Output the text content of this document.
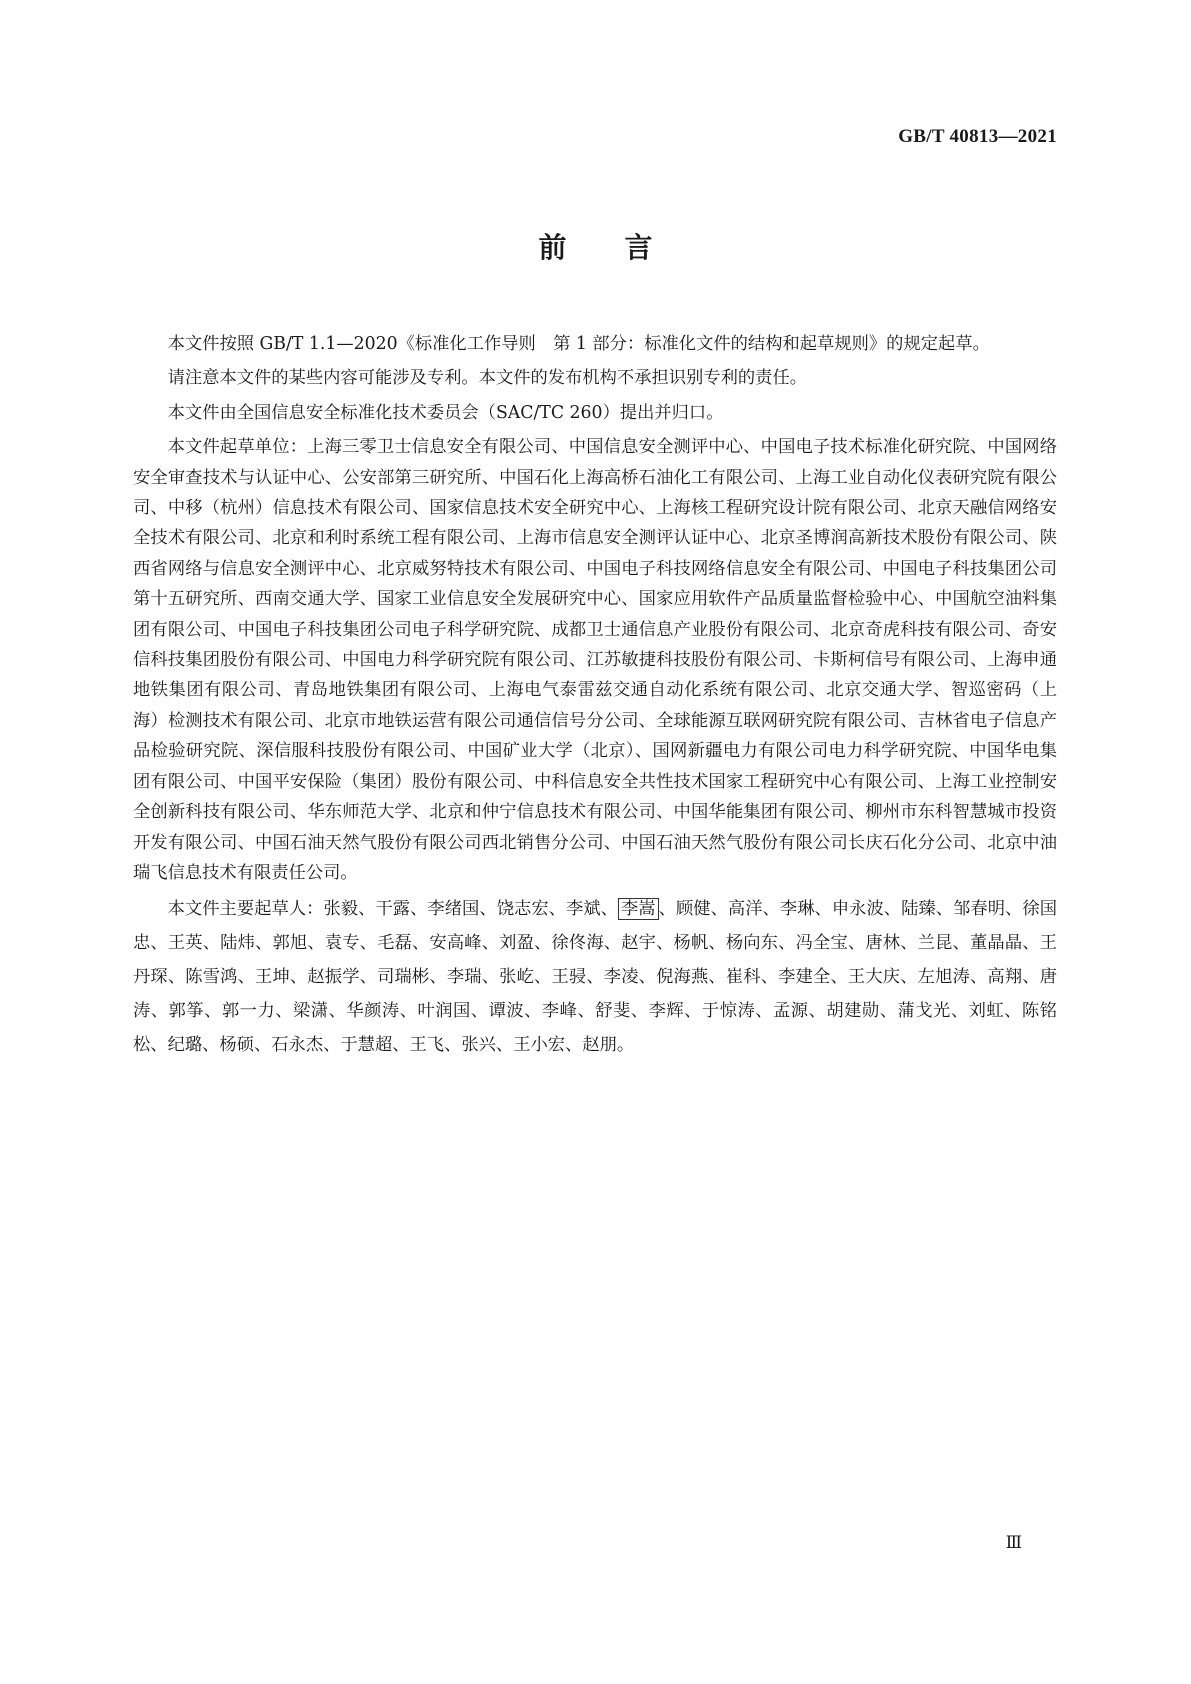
GB/T 40813—2021
前言

本文件按照 GB/T 1.1—2020《标准化工作导则　第 1 部分：标准化文件的结构和起草规则》的规定起草。

请注意本文件的某些内容可能涉及专利。本文件的发布机构不承担识别专利的责任。

本文件由全国信息安全标准化技术委员会（SAC/TC 260）提出并归口。

本文件起草单位：上海三零卫士信息安全有限公司、中国信息安全测评中心、中国电子技术标准化研究院、中国网络安全审查技术与认证中心、公安部第三研究所、中国石化上海高桥石油化工有限公司、上海工业自动化仪表研究院有限公司、中移（杭州）信息技术有限公司、国家信息技术安全研究中心、上海核工程研究设计院有限公司、北京天融信网络安全技术有限公司、北京和利时系统工程有限公司、上海市信息安全测评认证中心、北京圣博润高新技术股份有限公司、陕西省网络与信息安全测评中心、北京威努特技术有限公司、中国电子科技网络信息安全有限公司、中国电子科技集团公司第十五研究所、西南交通大学、国家工业信息安全发展研究中心、国家应用软件产品质量监督检验中心、中国航空油料集团有限公司、中国电子科技集团公司电子科学研究院、成都卫士通信息产业股份有限公司、北京奇虎科技有限公司、奇安信科技集团股份有限公司、中国电力科学研究院有限公司、江苏敏捷科技股份有限公司、卡斯柯信号有限公司、上海申通地铁集团有限公司、青岛地铁集团有限公司、上海电气泰雷兹交通自动化系统有限公司、北京交通大学、智巡密码（上海）检测技术有限公司、北京市地铁运营有限公司通信信号分公司、全球能源互联网研究院有限公司、吉林省电子信息产品检验研究院、深信服科技股份有限公司、中国矿业大学（北京）、国网新疆电力有限公司电力科学研究院、中国华电集团有限公司、中国平安保险（集团）股份有限公司、中科信息安全共性技术国家工程研究中心有限公司、上海工业控制安全创新科技有限公司、华东师范大学、北京和仲宁信息技术有限公司、中国华能集团有限公司、柳州市东科智慧城市投资开发有限公司、中国石油天然气股份有限公司西北销售分公司、中国石油天然气股份有限公司长庆石化分公司、北京中油瑞飞信息技术有限责任公司。

本文件主要起草人：张毅、干露、李绪国、饶志宏、李斌、 李嵩 、顾健、高洋、李琳、申永波、陆臻、邹春明、徐国忠、王英、陆炜、郭旭、袁专、毛磊、安高峰、刘盈、徐佟海、赵宇、杨帆、杨向东、冯全宝、唐林、兰昆、董晶晶、王丹琛、陈雪鸿、王坤、赵振学、司瑞彬、李瑞、张屹、王骎、李凌、倪海燕、崔科、李建全、王大庆、左旭涛、高翔、唐涛、郭筝、郭一力、梁潇、华颜涛、叶润国、谭波、李峰、舒斐、李辉、于惊涛、孟源、胡建勋、蒲戈光、刘虹、陈铭松、纪璐、杨硕、石永杰、于慧超、王飞、张兴、王小宏、赵朋。

Ⅲ
